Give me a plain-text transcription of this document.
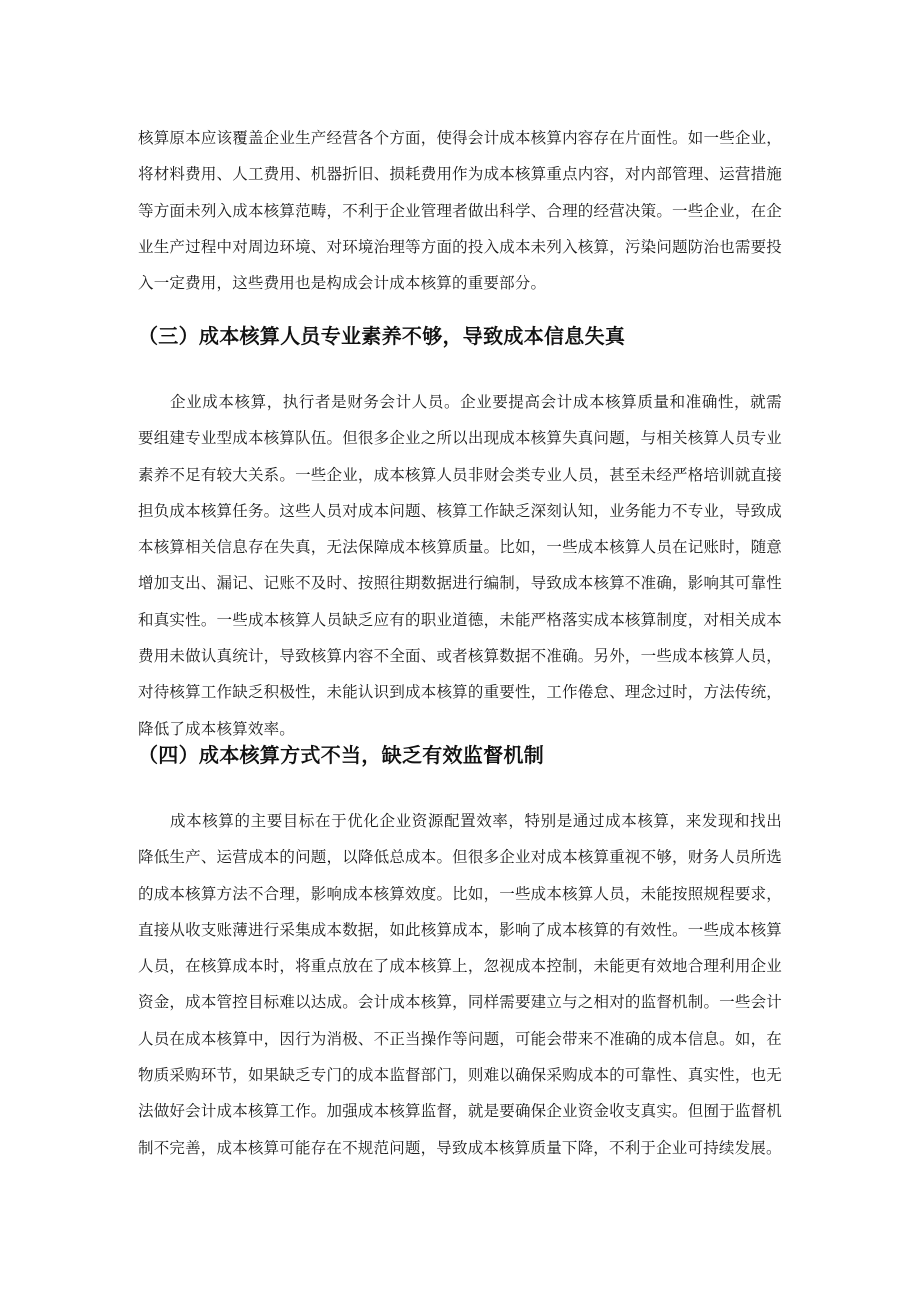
核算原本应该覆盖企业生产经营各个方面，使得会计成本核算内容存在片面性。如一些企业，将材料费用、人工费用、机器折旧、损耗费用作为成本核算重点内容，对内部管理、运营措施等方面未列入成本核算范畴，不利于企业管理者做出科学、合理的经营决策。一些企业，在企业生产过程中对周边环境、对环境治理等方面的投入成本未列入核算，污染问题防治也需要投入一定费用，这些费用也是构成会计成本核算的重要部分。

（三）成本核算人员专业素养不够，导致成本信息失真

企业成本核算，执行者是财务会计人员。企业要提高会计成本核算质量和准确性，就需要组建专业型成本核算队伍。但很多企业之所以出现成本核算失真问题，与相关核算人员专业素养不足有较大关系。一些企业，成本核算人员非财会类专业人员，甚至未经严格培训就直接担负成本核算任务。这些人员对成本问题、核算工作缺乏深刻认知，业务能力不专业，导致成本核算相关信息存在失真，无法保障成本核算质量。比如，一些成本核算人员在记账时，随意增加支出、漏记、记账不及时、按照往期数据进行编制，导致成本核算不准确，影响其可靠性和真实性。一些成本核算人员缺乏应有的职业道德，未能严格落实成本核算制度，对相关成本费用未做认真统计，导致核算内容不全面、或者核算数据不准确。另外，一些成本核算人员，对待核算工作缺乏积极性，未能认识到成本核算的重要性，工作倦怠、理念过时，方法传统，降低了成本核算效率。

（四）成本核算方式不当，缺乏有效监督机制

成本核算的主要目标在于优化企业资源配置效率，特别是通过成本核算，来发现和找出降低生产、运营成本的问题，以降低总成本。但很多企业对成本核算重视不够，财务人员所选的成本核算方法不合理，影响成本核算效度。比如，一些成本核算人员，未能按照规程要求，直接从收支账薄进行采集成本数据，如此核算成本，影响了成本核算的有效性。一些成本核算人员，在核算成本时，将重点放在了成本核算上，忽视成本控制，未能更有效地合理利用企业资金，成本管控目标难以达成。会计成本核算，同样需要建立与之相对的监督机制。一些会计人员在成本核算中，因行为消极、不正当操作等问题，可能会带来不准确的成本信息。如，在物质采购环节，如果缺乏专门的成本监督部门，则难以确保采购成本的可靠性、真实性，也无法做好会计成本核算工作。加强成本核算监督，就是要确保企业资金收支真实。但囿于监督机制不完善，成本核算可能存在不规范问题，导致成本核算质量下降，不利于企业可持续发展。
